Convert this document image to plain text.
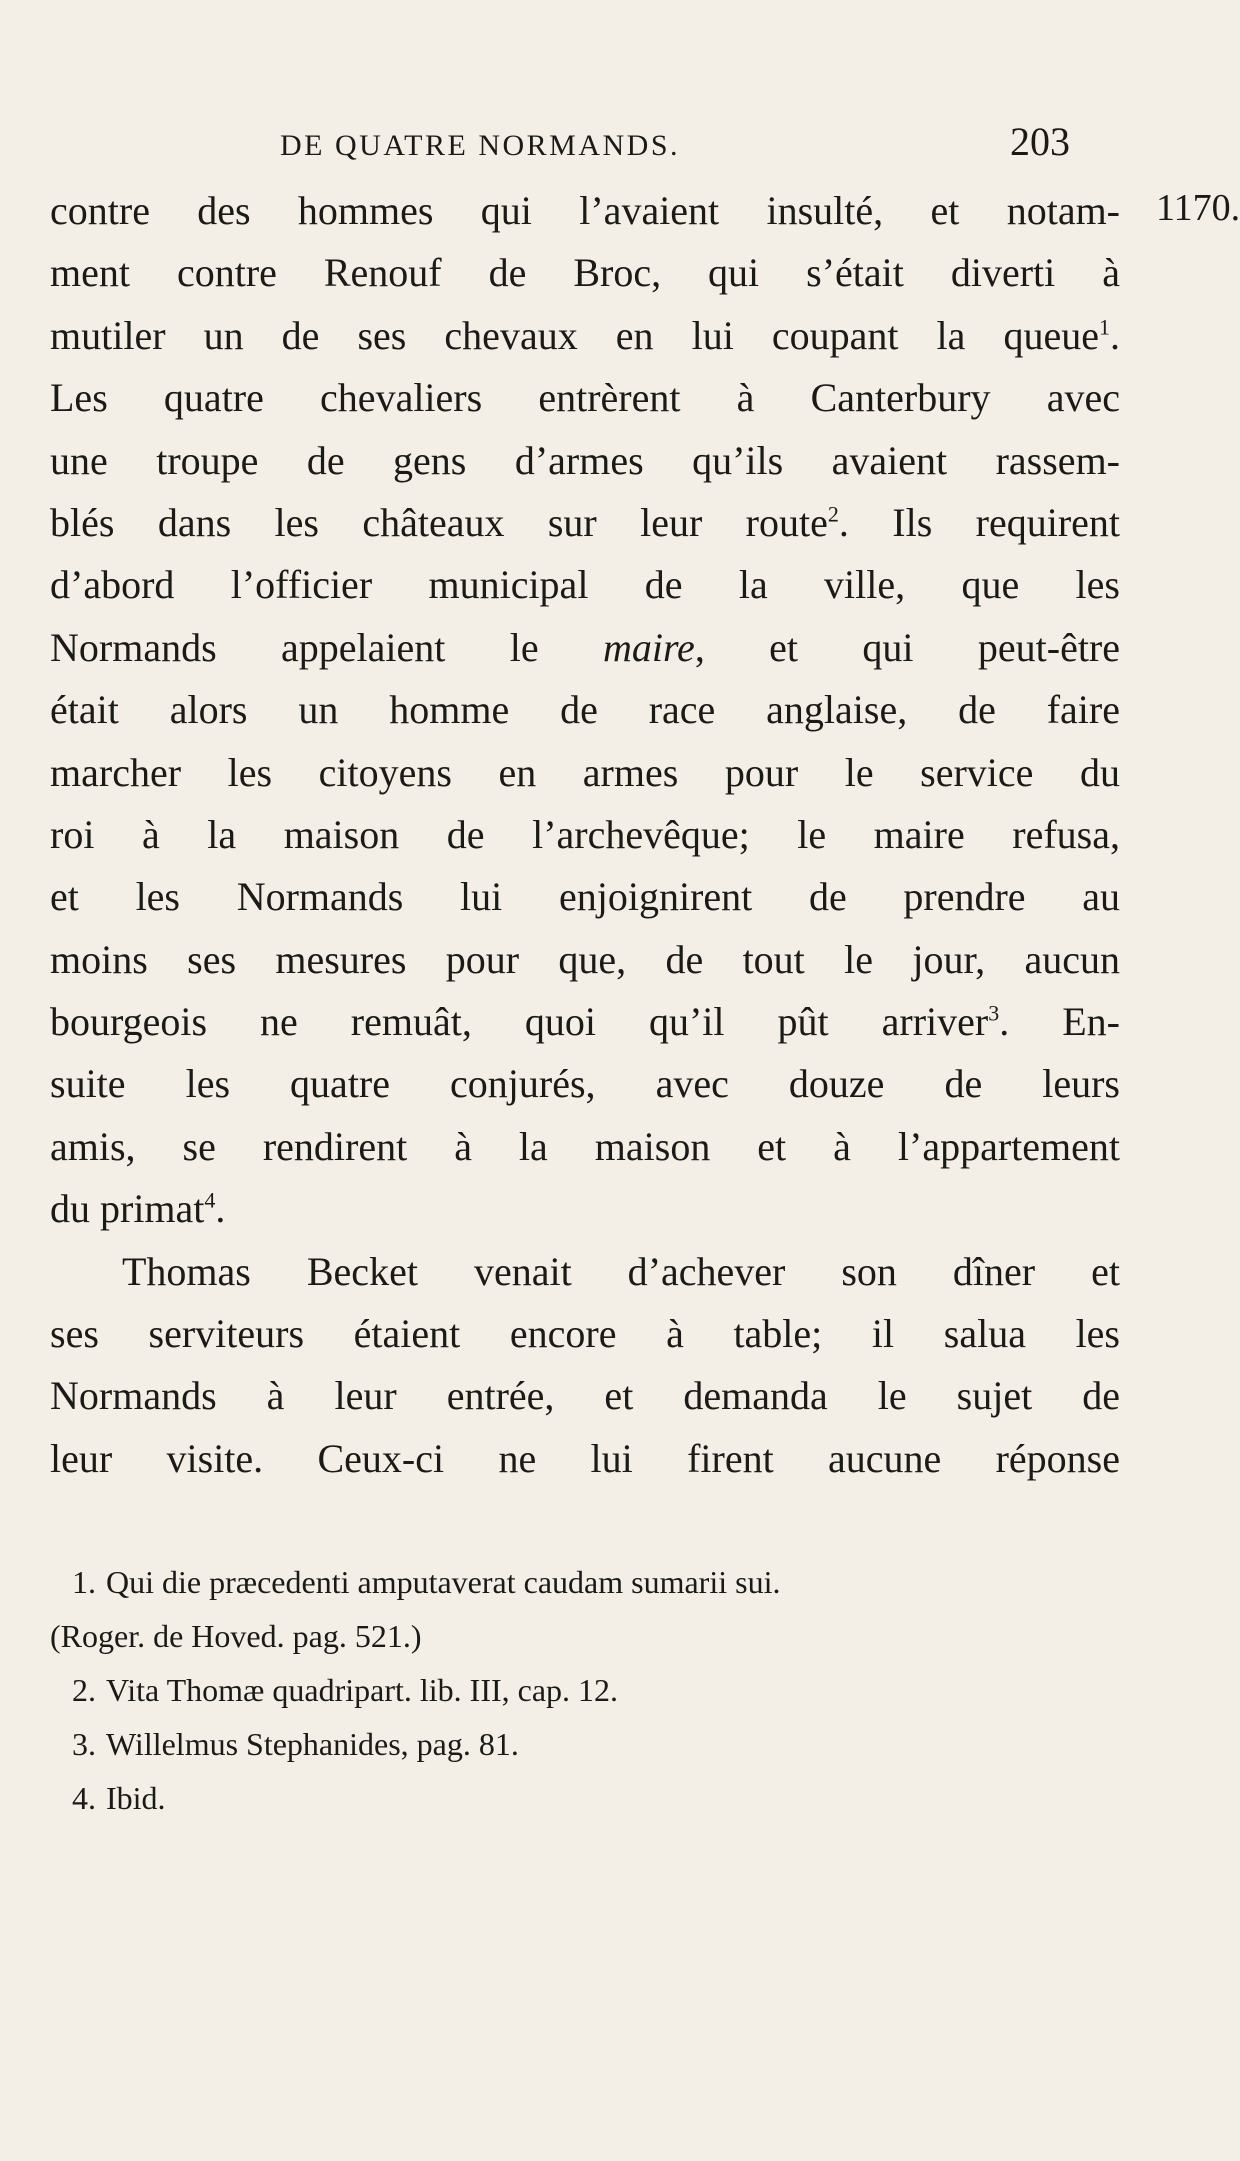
DE QUATRE NORMANDS.	203
1170.
contre des hommes qui l’avaient insulté, et notam-
ment contre Renouf de Broc, qui s’était diverti à
mutiler un de ses chevaux en lui coupant la queue$^1$.
Les quatre chevaliers entrèrent à Canterbury avec
une troupe de gens d’armes qu’ils avaient rassem-
blés dans les châteaux sur leur route$^2$. Ils requirent
d’abord l’officier municipal de la ville, que les
Normands appelaient le maire, et qui peut-être
était alors un homme de race anglaise, de faire
marcher les citoyens en armes pour le service du
roi à la maison de l’archevêque; le maire refusa,
et les Normands lui enjoignirent de prendre au
moins ses mesures pour que, de tout le jour, aucun
bourgeois ne remuât, quoi qu’il pût arriver$^3$. En-
suite les quatre conjurés, avec douze de leurs
amis, se rendirent à la maison et à l’appartement
du primat$^4$.
Thomas Becket venait d’achever son dîner et
ses serviteurs étaient encore à table; il salua les
Normands à leur entrée, et demanda le sujet de
leur visite. Ceux-ci ne lui firent aucune réponse
1. Qui die præcedenti amputaverat caudam sumarii sui.
(Roger. de Hoved. pag. 521.)
2. Vita Thomæ quadripart. lib. III, cap. 12.
3. Willelmus Stephanides, pag. 81.
4. Ibid.
